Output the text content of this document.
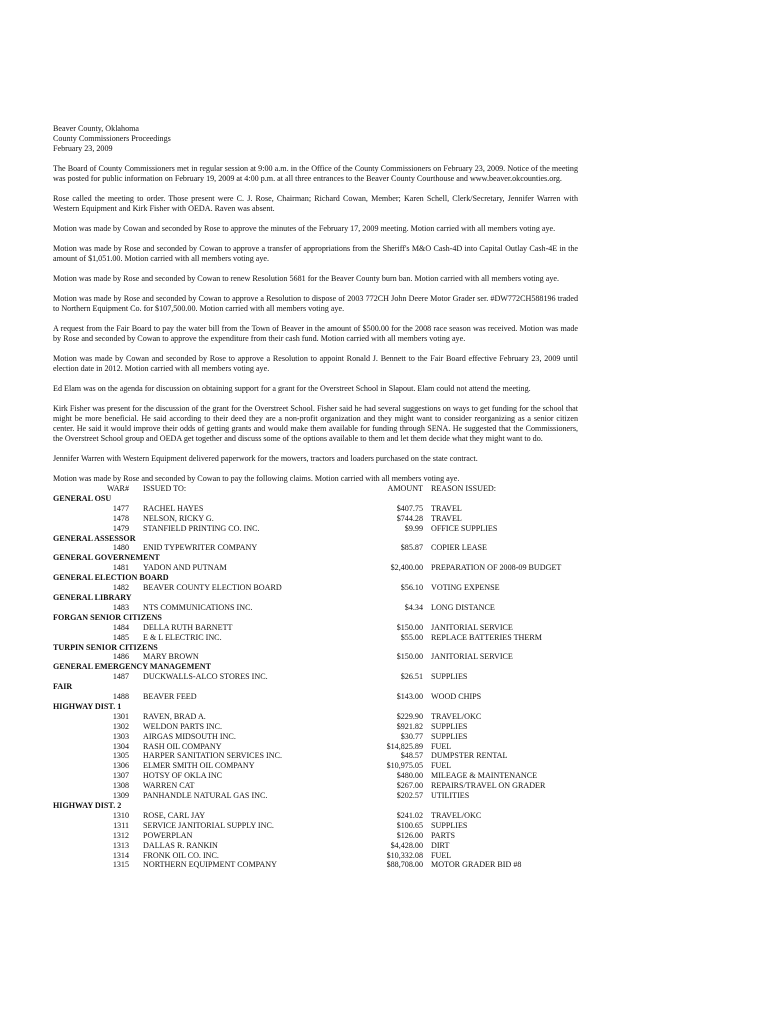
Beaver County, Oklahoma
County Commissioners Proceedings
February 23, 2009
The Board of County Commissioners met in regular session at 9:00 a.m. in the Office of the County Commissioners on February 23, 2009. Notice of the meeting was posted for public information on February 19, 2009 at 4:00 p.m. at all three entrances to the Beaver County Courthouse and www.beaver.okcounties.org.
Rose called the meeting to order. Those present were C. J. Rose, Chairman; Richard Cowan, Member; Karen Schell, Clerk/Secretary, Jennifer Warren with Western Equipment and Kirk Fisher with OEDA. Raven was absent.
Motion was made by Cowan and seconded by Rose to approve the minutes of the February 17, 2009 meeting. Motion carried with all members voting aye.
Motion was made by Rose and seconded by Cowan to approve a transfer of appropriations from the Sheriff's M&O Cash-4D into Capital Outlay Cash-4E in the amount of $1,051.00. Motion carried with all members voting aye.
Motion was made by Rose and seconded by Cowan to renew Resolution 5681 for the Beaver County burn ban. Motion carried with all members voting aye.
Motion was made by Rose and seconded by Cowan to approve a Resolution to dispose of 2003 772CH John Deere Motor Grader ser. #DW772CH588196 traded to Northern Equipment Co. for $107,500.00. Motion carried with all members voting aye.
A request from the Fair Board to pay the water bill from the Town of Beaver in the amount of $500.00 for the 2008 race season was received. Motion was made by Rose and seconded by Cowan to approve the expenditure from their cash fund. Motion carried with all members voting aye.
Motion was made by Cowan and seconded by Rose to approve a Resolution to appoint Ronald J. Bennett to the Fair Board effective February 23, 2009 until election date in 2012. Motion carried with all members voting aye.
Ed Elam was on the agenda for discussion on obtaining support for a grant for the Overstreet School in Slapout. Elam could not attend the meeting.
Kirk Fisher was present for the discussion of the grant for the Overstreet School. Fisher said he had several suggestions on ways to get funding for the school that might be more beneficial. He said according to their deed they are a non-profit organization and they might want to consider reorganizing as a senior citizen center. He said it would improve their odds of getting grants and would make them available for funding through SENA. He suggested that the Commissioners, the Overstreet School group and OEDA get together and discuss some of the options available to them and let them decide what they might want to do.
Jennifer Warren with Western Equipment delivered paperwork for the mowers, tractors and loaders purchased on the state contract.
Motion was made by Rose and seconded by Cowan to pay the following claims. Motion carried with all members voting aye.
WAR#	ISSUED TO:	AMOUNT	REASON ISSUED:
GENERAL OSU			
1477	RACHEL HAYES	$407.75	TRAVEL
1478	NELSON, RICKY G.	$744.28	TRAVEL
1479	STANFIELD PRINTING CO. INC.	$9.99	OFFICE SUPPLIES
GENERAL ASSESSOR			
1480	ENID TYPEWRITER COMPANY	$85.87	COPIER LEASE
GENERAL GOVERNEMENT			
1481	YADON AND PUTNAM	$2,400.00	PREPARATION OF 2008-09 BUDGET
GENERAL ELECTION BOARD			
1482	BEAVER COUNTY ELECTION BOARD	$56.10	VOTING EXPENSE
GENERAL LIBRARY			
1483	NTS COMMUNICATIONS INC.	$4.34	LONG DISTANCE
FORGAN SENIOR CITIZENS			
1484	DELLA RUTH BARNETT	$150.00	JANITORIAL SERVICE
1485	E & L ELECTRIC INC.	$55.00	REPLACE BATTERIES THERM
TURPIN SENIOR CITIZENS			
1486	MARY BROWN	$150.00	JANITORIAL SERVICE
GENERAL EMERGENCY MANAGEMENT			
1487	DUCKWALLS-ALCO STORES INC.	$26.51	SUPPLIES
FAIR			
1488	BEAVER FEED	$143.00	WOOD CHIPS
HIGHWAY DIST. 1			
1301	RAVEN, BRAD A.	$229.90	TRAVEL/OKC
1302	WELDON PARTS INC.	$921.82	SUPPLIES
1303	AIRGAS MIDSOUTH INC.	$30.77	SUPPLIES
1304	RASH OIL COMPANY	$14,825.89	FUEL
1305	HARPER SANITATION SERVICES INC.	$48.57	DUMPSTER RENTAL
1306	ELMER SMITH OIL COMPANY	$10,975.05	FUEL
1307	HOTSY OF OKLA INC	$480.00	MILEAGE & MAINTENANCE
1308	WARREN CAT	$267.00	REPAIRS/TRAVEL ON GRADER
1309	PANHANDLE NATURAL GAS INC.	$202.57	UTILITIES
HIGHWAY DIST. 2			
1310	ROSE, CARL JAY	$241.02	TRAVEL/OKC
1311	SERVICE JANITORIAL SUPPLY INC.	$100.65	SUPPLIES
1312	POWERPLAN	$126.00	PARTS
1313	DALLAS R. RANKIN	$4,428.00	DIRT
1314	FRONK OIL CO. INC.	$10,332.08	FUEL
1315	NORTHERN EQUIPMENT COMPANY	$88,708.00	MOTOR GRADER BID #8
